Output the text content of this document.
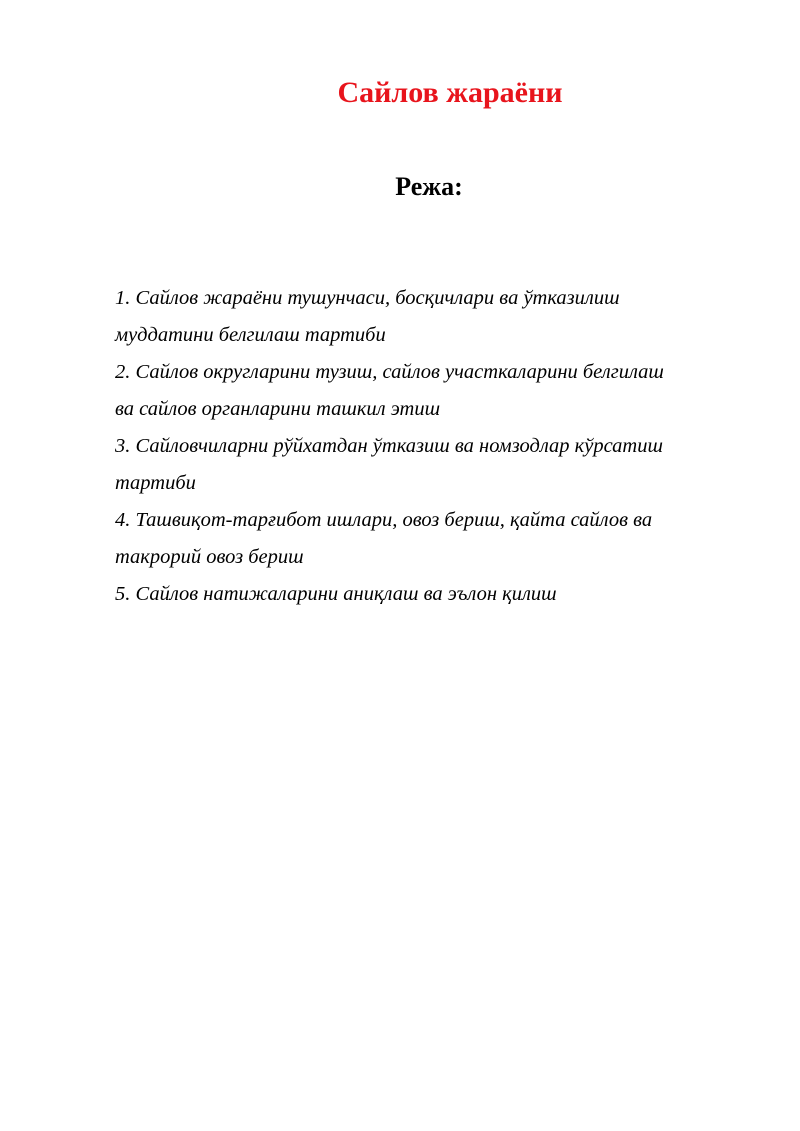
Сайлов жараёни
Режа:
1. Сайлов жараёни тушунчаси, босқичлари ва ўтказилиш муддатини белгилаш тартиби
2. Сайлов округларини тузиш, сайлов участкаларини белгилаш ва сайлов органларини ташкил этиш
3. Сайловчиларни рўйхатдан ўтказиш ва номзодлар кўрсатиш тартиби
4. Ташвиқот-тарғибот ишлари, овоз бериш, қайта сайлов ва такрорий овоз бериш
5. Сайлов натижаларини аниқлаш ва эълон қилиш
